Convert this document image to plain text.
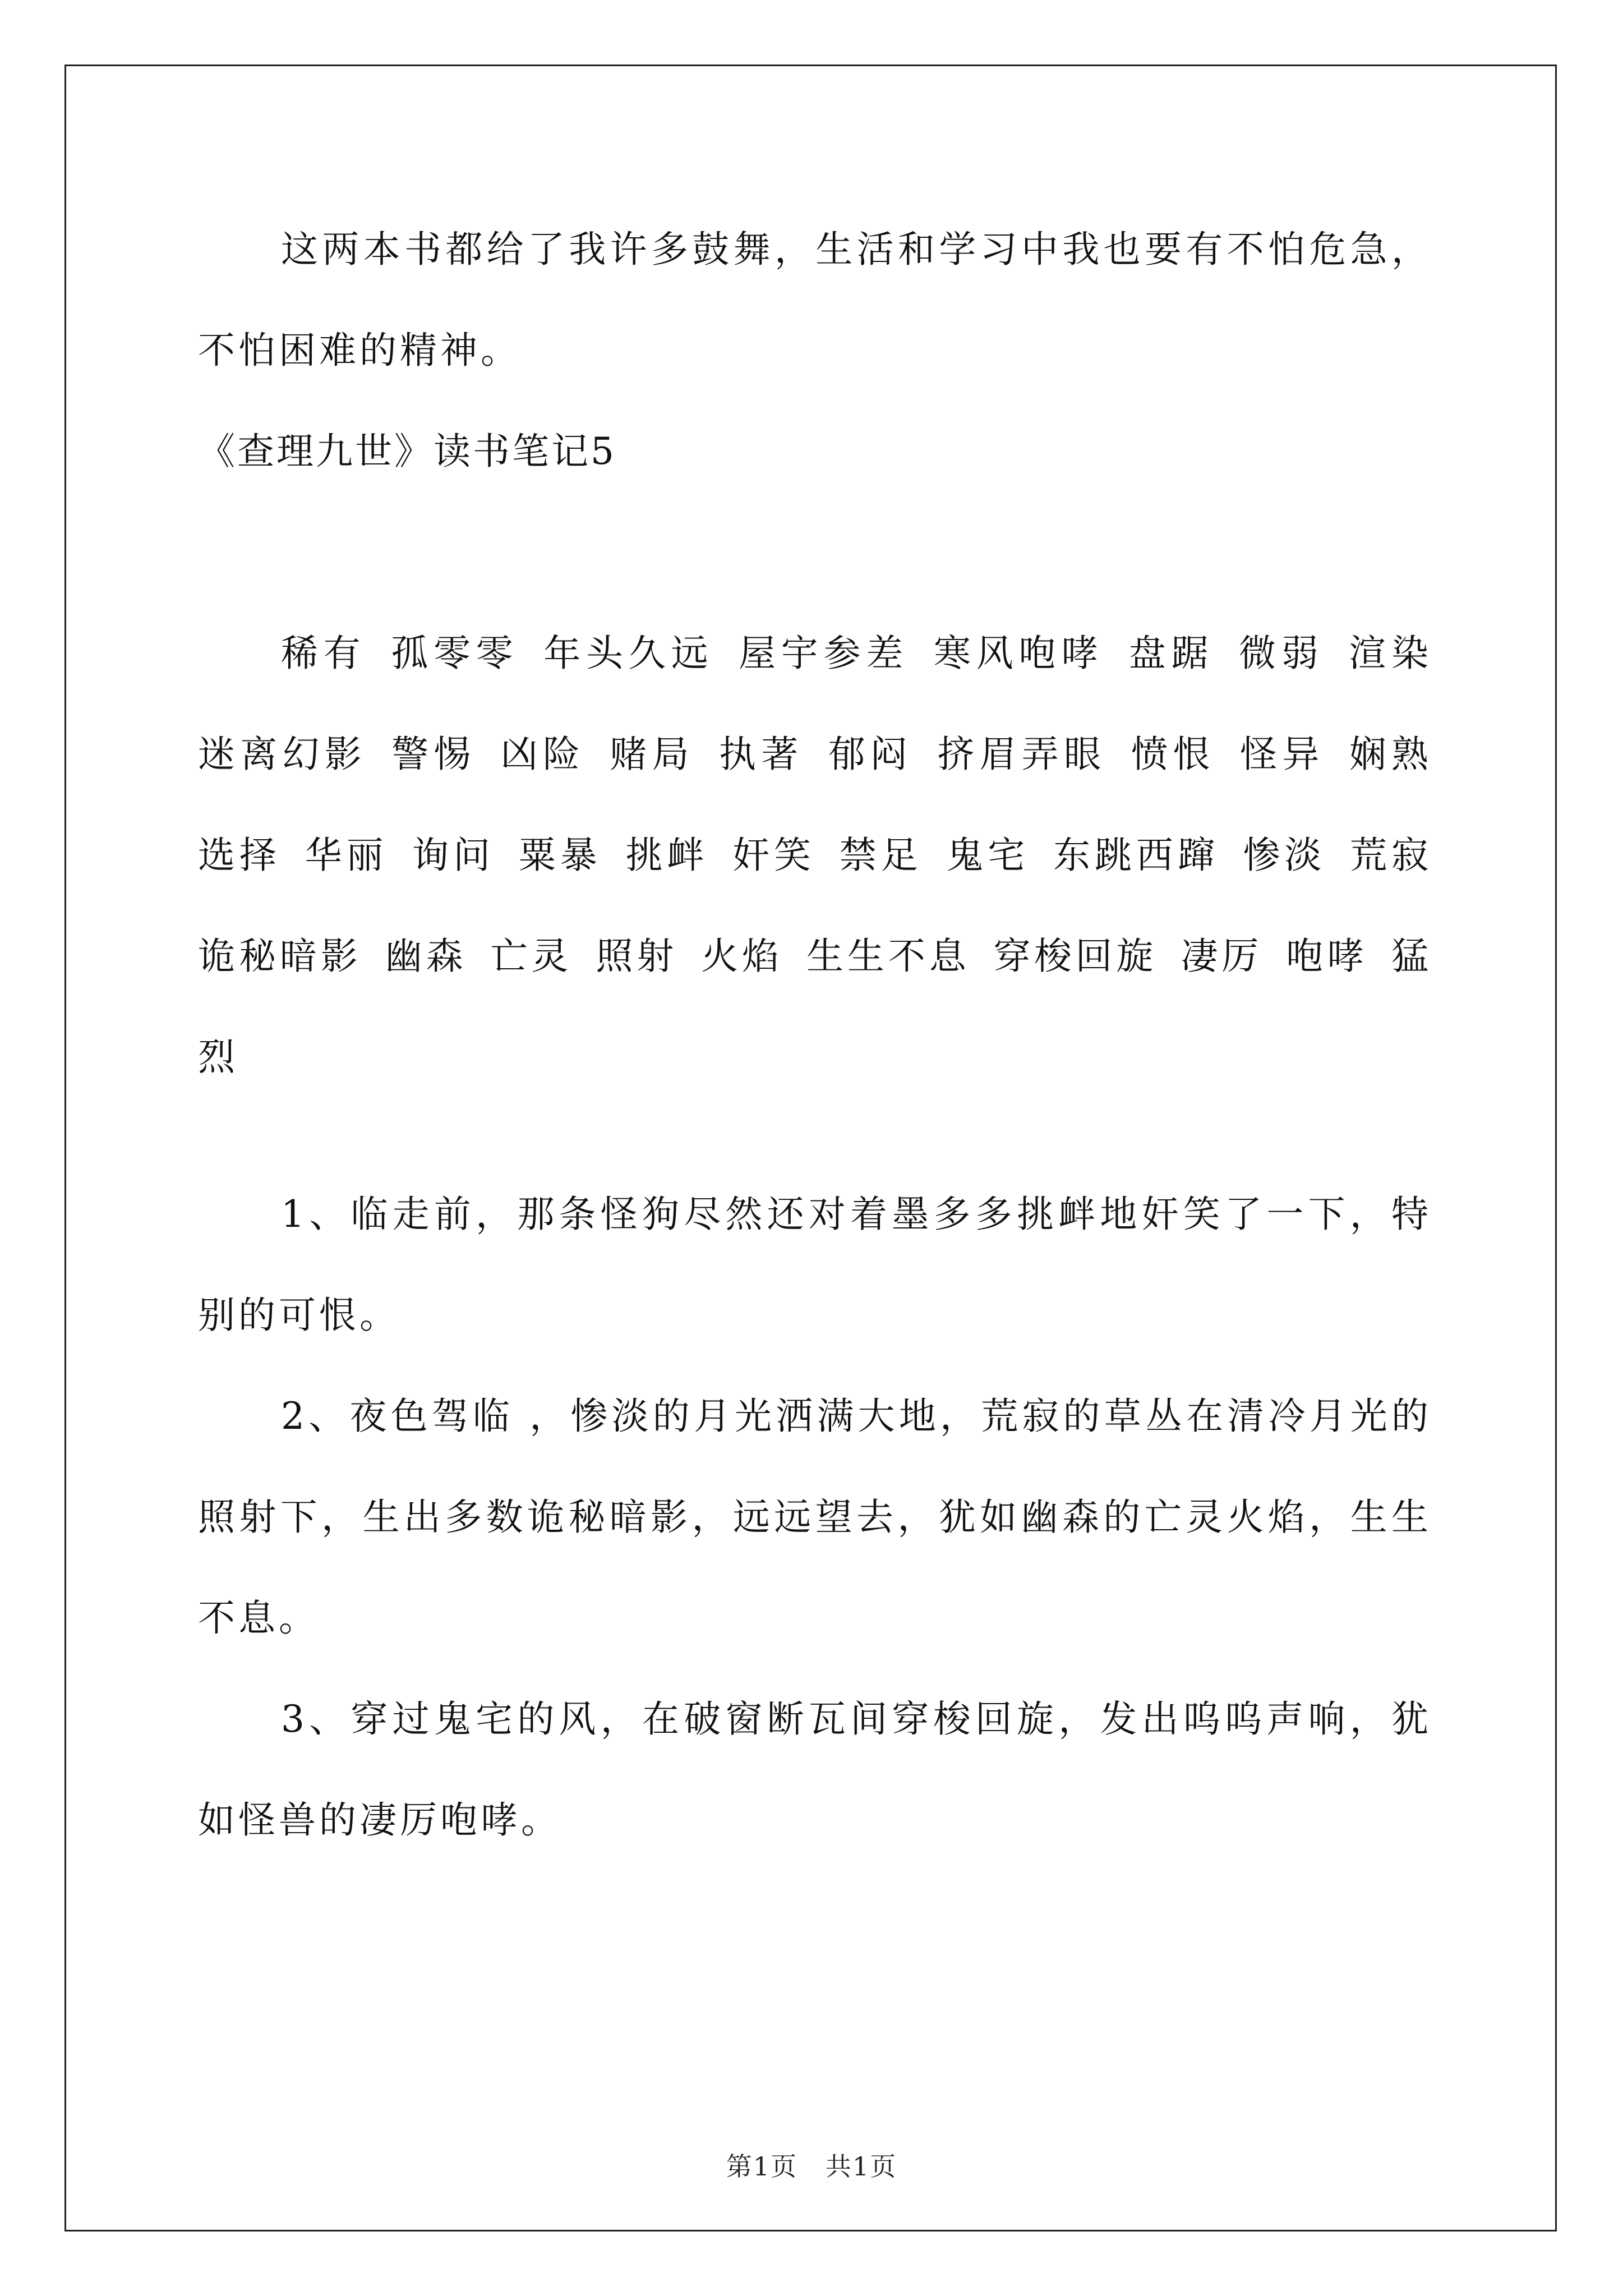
这两本书都给了我许多鼓舞，生活和学习中我也要有不怕危急，不怕困难的精神。

《查理九世》读书笔记5

稀有 孤零零 年头久远 屋宇参差 寒风咆哮 盘踞 微弱 渲染 迷离幻影 警惕 凶险 赌局 执著 郁闷 挤眉弄眼 愤恨 怪异 娴熟 选择 华丽 询问 粟暴 挑衅 奸笑 禁足 鬼宅 东跳西蹿 惨淡 荒寂 诡秘暗影 幽森 亡灵 照射 火焰 生生不息 穿梭回旋 凄厉 咆哮 猛烈

1、临走前，那条怪狗尽然还对着墨多多挑衅地奸笑了一下，特别的可恨。

2、夜色驾临 ，惨淡的月光洒满大地，荒寂的草丛在清冷月光的照射下，生出多数诡秘暗影，远远望去，犹如幽森的亡灵火焰，生生不息。

3、穿过鬼宅的风，在破窗断瓦间穿梭回旋，发出呜呜声响，犹如怪兽的凄厉咆哮。

第1页   共1页
